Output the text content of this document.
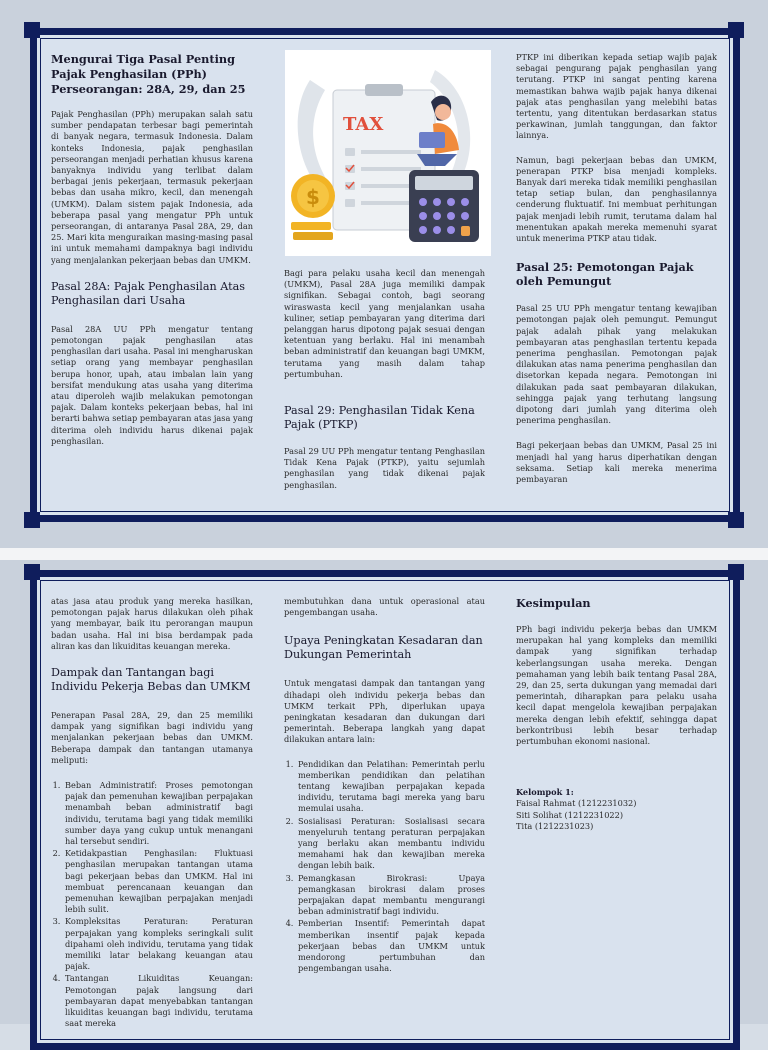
Mengurai Tiga Pasal Penting Pajak Penghasilan (PPh) Perseorangan: 28A, 29, dan 25

Pajak Penghasilan (PPh) merupakan salah satu sumber pendapatan terbesar bagi pemerintah di banyak negara, termasuk Indonesia. Dalam konteks Indonesia, pajak penghasilan perseorangan menjadi perhatian khusus karena banyaknya individu yang terlibat dalam berbagai jenis pekerjaan, termasuk pekerjaan bebas dan usaha mikro, kecil, dan menengah (UMKM). Dalam sistem pajak Indonesia, ada beberapa pasal yang mengatur PPh untuk perseorangan, di antaranya Pasal 28A, 29, dan 25. Mari kita menguraikan masing-masing pasal ini untuk memahami dampaknya bagi individu yang menjalankan pekerjaan bebas dan UMKM.

Pasal 28A: Pajak Penghasilan Atas Penghasilan dari Usaha

Pasal 28A UU PPh mengatur tentang pemotongan pajak penghasilan atas penghasilan dari usaha. Pasal ini mengharuskan setiap orang yang membayar penghasilan berupa honor, upah, atau imbalan lain yang bersifat mendukung atas usaha yang diterima atau diperoleh wajib melakukan pemotongan pajak. Dalam konteks pekerjaan bebas, hal ini berarti bahwa setiap pembayaran atas jasa yang diterima oleh individu harus dikenai pajak penghasilan.

TAX
$

Bagi para pelaku usaha kecil dan menengah (UMKM), Pasal 28A juga memiliki dampak signifikan. Sebagai contoh, bagi seorang wiraswasta kecil yang menjalankan usaha kuliner, setiap pembayaran yang diterima dari pelanggan harus dipotong pajak sesuai dengan ketentuan yang berlaku. Hal ini menambah beban administratif dan keuangan bagi UMKM, terutama yang masih dalam tahap pertumbuhan.

Pasal 29: Penghasilan Tidak Kena Pajak (PTKP)

Pasal 29 UU PPh mengatur tentang Penghasilan Tidak Kena Pajak (PTKP), yaitu sejumlah penghasilan yang tidak dikenai pajak penghasilan.

PTKP ini diberikan kepada setiap wajib pajak sebagai pengurang pajak penghasilan yang terutang. PTKP ini sangat penting karena memastikan bahwa wajib pajak hanya dikenai pajak atas penghasilan yang melebihi batas tertentu, yang ditentukan berdasarkan status perkawinan, jumlah tanggungan, dan faktor lainnya.

Namun, bagi pekerjaan bebas dan UMKM, penerapan PTKP bisa menjadi kompleks. Banyak dari mereka tidak memiliki penghasilan tetap setiap bulan, dan penghasilannya cenderung fluktuatif. Ini membuat perhitungan pajak menjadi lebih rumit, terutama dalam hal menentukan apakah mereka memenuhi syarat untuk menerima PTKP atau tidak.

Pasal 25: Pemotongan Pajak oleh Pemungut

Pasal 25 UU PPh mengatur tentang kewajiban pemotongan pajak oleh pemungut. Pemungut pajak adalah pihak yang melakukan pembayaran atas penghasilan tertentu kepada penerima penghasilan. Pemotongan pajak dilakukan atas nama penerima penghasilan dan disetorkan kepada negara. Pemotongan ini dilakukan pada saat pembayaran dilakukan, sehingga pajak yang terhutang langsung dipotong dari jumlah yang diterima oleh penerima penghasilan.

Bagi pekerjaan bebas dan UMKM, Pasal 25 ini menjadi hal yang harus diperhatikan dengan seksama. Setiap kali mereka menerima pembayaran

atas jasa atau produk yang mereka hasilkan, pemotongan pajak harus dilakukan oleh pihak yang membayar, baik itu perorangan maupun badan usaha. Hal ini bisa berdampak pada aliran kas dan likuiditas keuangan mereka.

Dampak dan Tantangan bagi Individu Pekerja Bebas dan UMKM

Penerapan Pasal 28A, 29, dan 25 memiliki dampak yang signifikan bagi individu yang menjalankan pekerjaan bebas dan UMKM. Beberapa dampak dan tantangan utamanya meliputi:

1. Beban Administratif: Proses pemotongan pajak dan pemenuhan kewajiban perpajakan menambah beban administratif bagi individu, terutama bagi yang tidak memiliki sumber daya yang cukup untuk menangani hal tersebut sendiri.
2. Ketidakpastian Penghasilan: Fluktuasi penghasilan merupakan tantangan utama bagi pekerjaan bebas dan UMKM. Hal ini membuat perencanaan keuangan dan pemenuhan kewajiban perpajakan menjadi lebih sulit.
3. Kompleksitas Peraturan: Peraturan perpajakan yang kompleks seringkali sulit dipahami oleh individu, terutama yang tidak memiliki latar belakang keuangan atau pajak.
4. Tantangan Likuiditas Keuangan: Pemotongan pajak langsung dari pembayaran dapat menyebabkan tantangan likuiditas keuangan bagi individu, terutama saat mereka

membutuhkan dana untuk operasional atau pengembangan usaha.

Upaya Peningkatan Kesadaran dan Dukungan Pemerintah

Untuk mengatasi dampak dan tantangan yang dihadapi oleh individu pekerja bebas dan UMKM terkait PPh, diperlukan upaya peningkatan kesadaran dan dukungan dari pemerintah. Beberapa langkah yang dapat dilakukan antara lain:

1. Pendidikan dan Pelatihan: Pemerintah perlu memberikan pendidikan dan pelatihan tentang kewajiban perpajakan kepada individu, terutama bagi mereka yang baru memulai usaha.
2. Sosialisasi Peraturan: Sosialisasi secara menyeluruh tentang peraturan perpajakan yang berlaku akan membantu individu memahami hak dan kewajiban mereka dengan lebih baik.
3. Pemangkasan Birokrasi: Upaya pemangkasan birokrasi dalam proses perpajakan dapat membantu mengurangi beban administratif bagi individu.
4. Pemberian Insentif: Pemerintah dapat memberikan insentif pajak kepada pekerjaan bebas dan UMKM untuk mendorong pertumbuhan dan pengembangan usaha.
Kesimpulan

PPh bagi individu pekerja bebas dan UMKM merupakan hal yang kompleks dan memiliki dampak yang signifikan terhadap keberlangsungan usaha mereka. Dengan pemahaman yang lebih baik tentang Pasal 28A, 29, dan 25, serta dukungan yang memadai dari pemerintah, diharapkan para pelaku usaha kecil dapat mengelola kewajiban perpajakan mereka dengan lebih efektif, sehingga dapat berkontribusi lebih besar terhadap pertumbuhan ekonomi nasional.

Kelompok 1:
Faisal Rahmat (1212231032)
Siti Solihat (1212231022)
Tita (1212231023)
